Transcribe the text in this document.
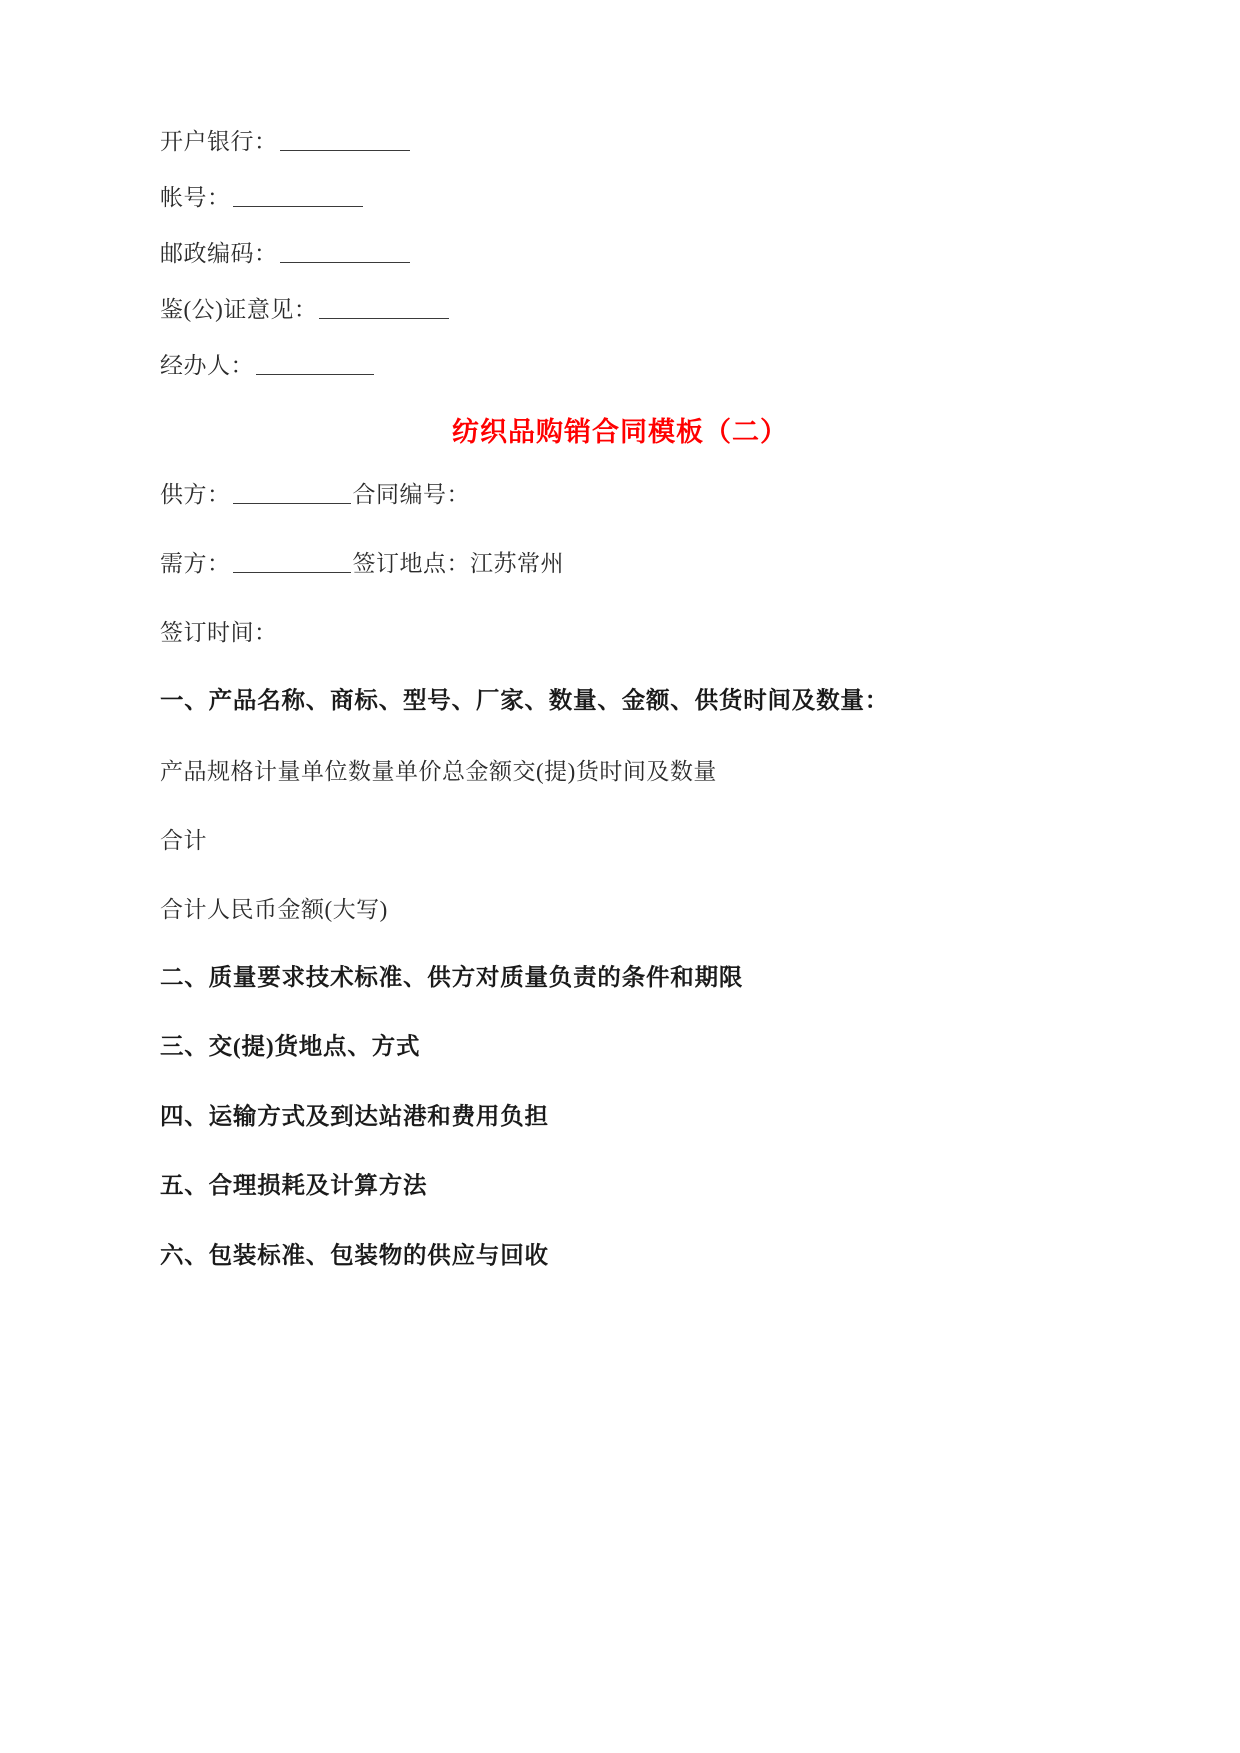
开户银行：
帐号：
邮政编码：
鉴(公)证意见：
经办人：
纺织品购销合同模板（二）
供方：	合同编号：
需方：	签订地点：江苏常州
签订时间：
一、产品名称、商标、型号、厂家、数量、金额、供货时间及数量：
产品规格计量单位数量单价总金额交(提)货时间及数量
合计
合计人民币金额(大写)
二、质量要求技术标准、供方对质量负责的条件和期限
三、交(提)货地点、方式
四、运输方式及到达站港和费用负担
五、合理损耗及计算方法
六、包装标准、包装物的供应与回收
